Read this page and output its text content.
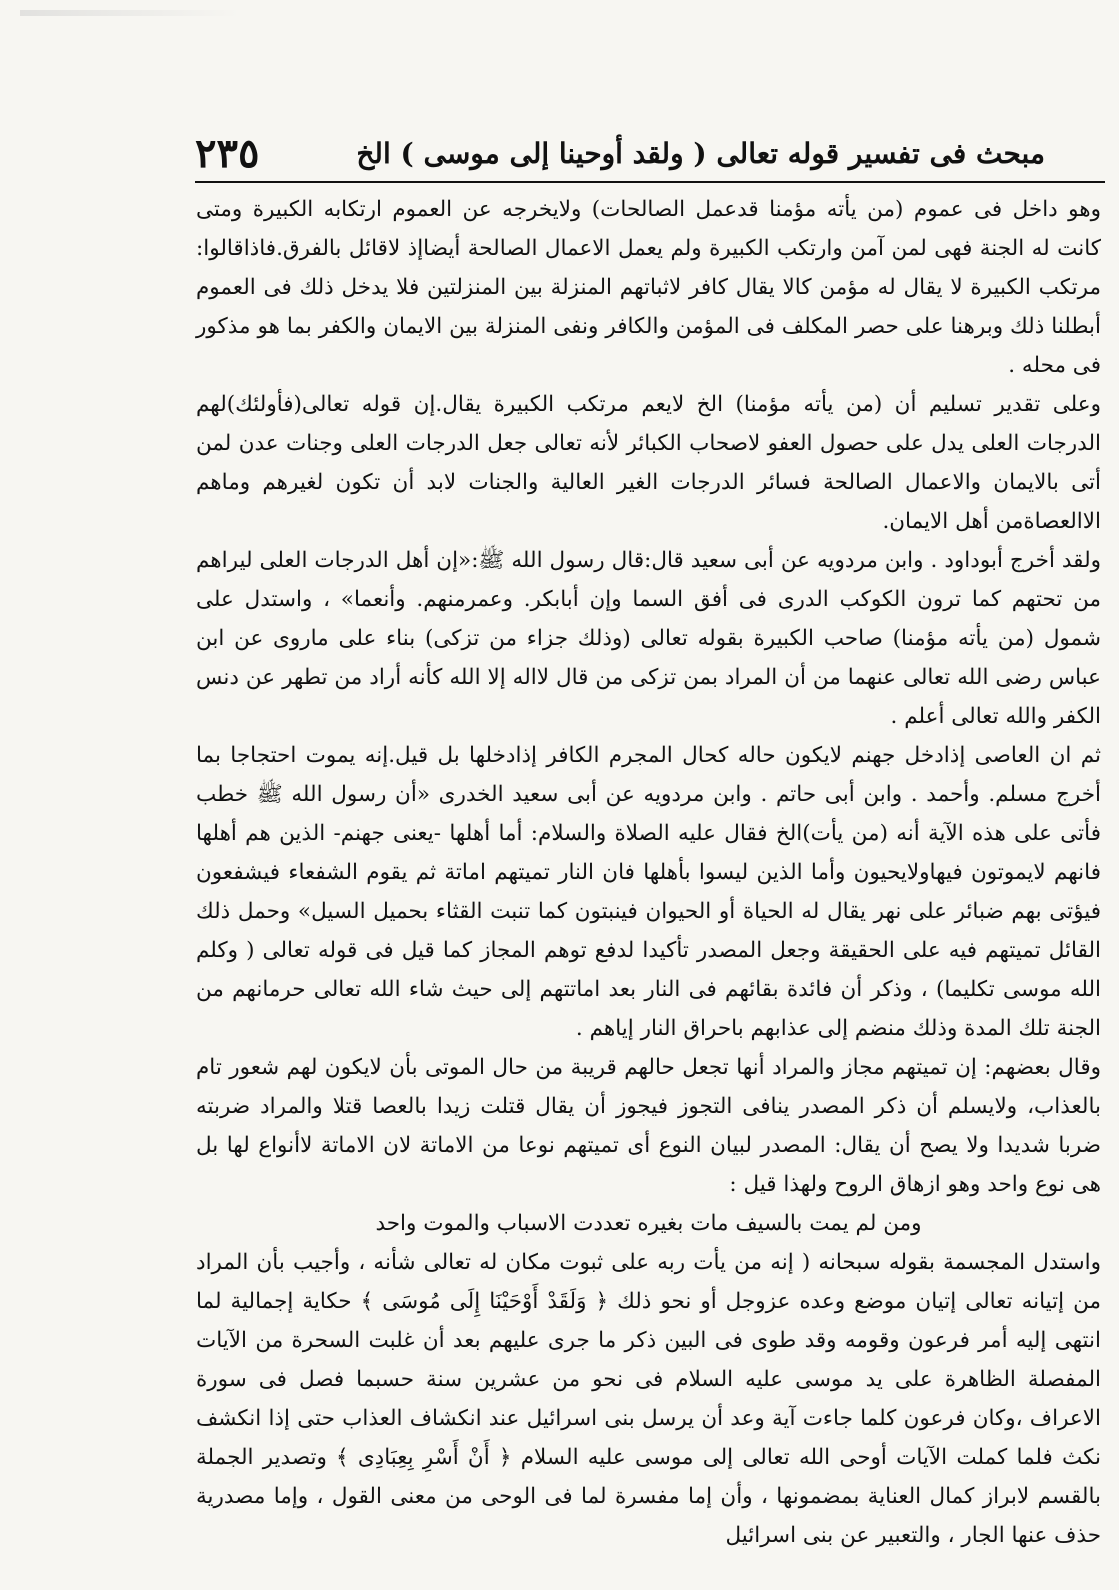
مبحث فى تفسير قوله تعالى ( ولقد أوحينا إلى موسى ) الخ
٢٣٥

وهو داخل فى عموم (من يأته مؤمنا قدعمل الصالحات) ولايخرجه عن العموم ارتكابه الكبيرة ومتى كانت له الجنة فهى لمن آمن وارتكب الكبيرة ولم يعمل الاعمال الصالحة أيضاإذ لاقائل بالفرق.فاذاقالوا: مرتكب الكبيرة لا يقال له مؤمن كالا يقال كافر لاثباتهم المنزلة بين المنزلتين فلا يدخل ذلك فى العموم أبطلنا ذلك وبرهنا على حصر المكلف فى المؤمن والكافر ونفى المنزلة بين الايمان والكفر بما هو مذكور فى محله .

وعلى تقدير تسليم أن (من يأته مؤمنا) الخ لايعم مرتكب الكبيرة يقال.إن قوله تعالى(فأولئك)لهم الدرجات العلى يدل على حصول العفو لاصحاب الكبائر لأنه تعالى جعل الدرجات العلى وجنات عدن لمن أتى بالايمان والاعمال الصالحة فسائر الدرجات الغير العالية والجنات لابد أن تكون لغيرهم وماهم الاالعصاةمن أهل الايمان.

ولقد أخرج أبوداود . وابن مردويه عن أبى سعيد قال:قال رسول الله ﷺ:«إن أهل الدرجات العلى ليراهم من تحتهم كما ترون الكوكب الدرى فى أفق السما وإن أبابكر. وعمرمنهم. وأنعما» ، واستدل على شمول (من يأته مؤمنا) صاحب الكبيرة بقوله تعالى (وذلك جزاء من تزكى) بناء على ماروى عن ابن عباس رضى الله تعالى عنهما من أن المراد بمن تزكى من قال لااله إلا الله كأنه أراد من تطهر عن دنس الكفر والله تعالى أعلم .

ثم ان العاصى إذادخل جهنم لايكون حاله كحال المجرم الكافر إذادخلها بل قيل.إنه يموت احتجاجا بما أخرج مسلم. وأحمد . وابن أبى حاتم . وابن مردويه عن أبى سعيد الخدرى «أن رسول الله ﷺ خطب فأتى على هذه الآية أنه (من يأت)الخ فقال عليه الصلاة والسلام: أما أهلها -يعنى جهنم- الذين هم أهلها فانهم لايموتون فيهاولايحيون وأما الذين ليسوا بأهلها فان النار تميتهم اماتة ثم يقوم الشفعاء فيشفعون فيؤتى بهم ضبائر على نهر يقال له الحياة أو الحيوان فينبتون كما تنبت القثاء بحميل السيل» وحمل ذلك القائل تميتهم فيه على الحقيقة وجعل المصدر تأكيدا لدفع توهم المجاز كما قيل فى قوله تعالى ( وكلم الله موسى تكليما) ، وذكر أن فائدة بقائهم فى النار بعد اماتتهم إلى حيث شاء الله تعالى حرمانهم من الجنة تلك المدة وذلك منضم إلى عذابهم باحراق النار إياهم .

وقال بعضهم: إن تميتهم مجاز والمراد أنها تجعل حالهم قريبة من حال الموتى بأن لايكون لهم شعور تام بالعذاب، ولايسلم أن ذكر المصدر ينافى التجوز فيجوز أن يقال قتلت زيدا بالعصا قتلا والمراد ضربته ضربا شديدا ولا يصح أن يقال: المصدر لبيان النوع أى تميتهم نوعا من الاماتة لان الاماتة لاأنواع لها بل هى نوع واحد وهو ازهاق الروح ولهذا قيل :

ومن لم يمت بالسيف مات بغيره تعددت الاسباب والموت واحد

واستدل المجسمة بقوله سبحانه ( إنه من يأت ربه على ثبوت مكان له تعالى شأنه ، وأجيب بأن المراد من إتيانه تعالى إتيان موضع وعده عزوجل أو نحو ذلك ﴿ وَلَقَدْ أَوْحَيْنَا إِلَى مُوسَى ﴾ حكاية إجمالية لما انتهى إليه أمر فرعون وقومه وقد طوى فى البين ذكر ما جرى عليهم بعد أن غلبت السحرة من الآيات المفصلة الظاهرة على يد موسى عليه السلام فى نحو من عشرين سنة حسبما فصل فى سورة الاعراف ،وكان فرعون كلما جاءت آية وعد أن يرسل بنى اسرائيل عند انكشاف العذاب حتى إذا انكشف نكث فلما كملت الآيات أوحى الله تعالى إلى موسى عليه السلام ﴿ أَنْ أَسْرِ بِعِبَادِى ﴾ وتصدير الجملة بالقسم لابراز كمال العناية بمضمونها ، وأن إما مفسرة لما فى الوحى من معنى القول ، وإما مصدرية حذف عنها الجار ، والتعبير عن بنى اسرائيل
